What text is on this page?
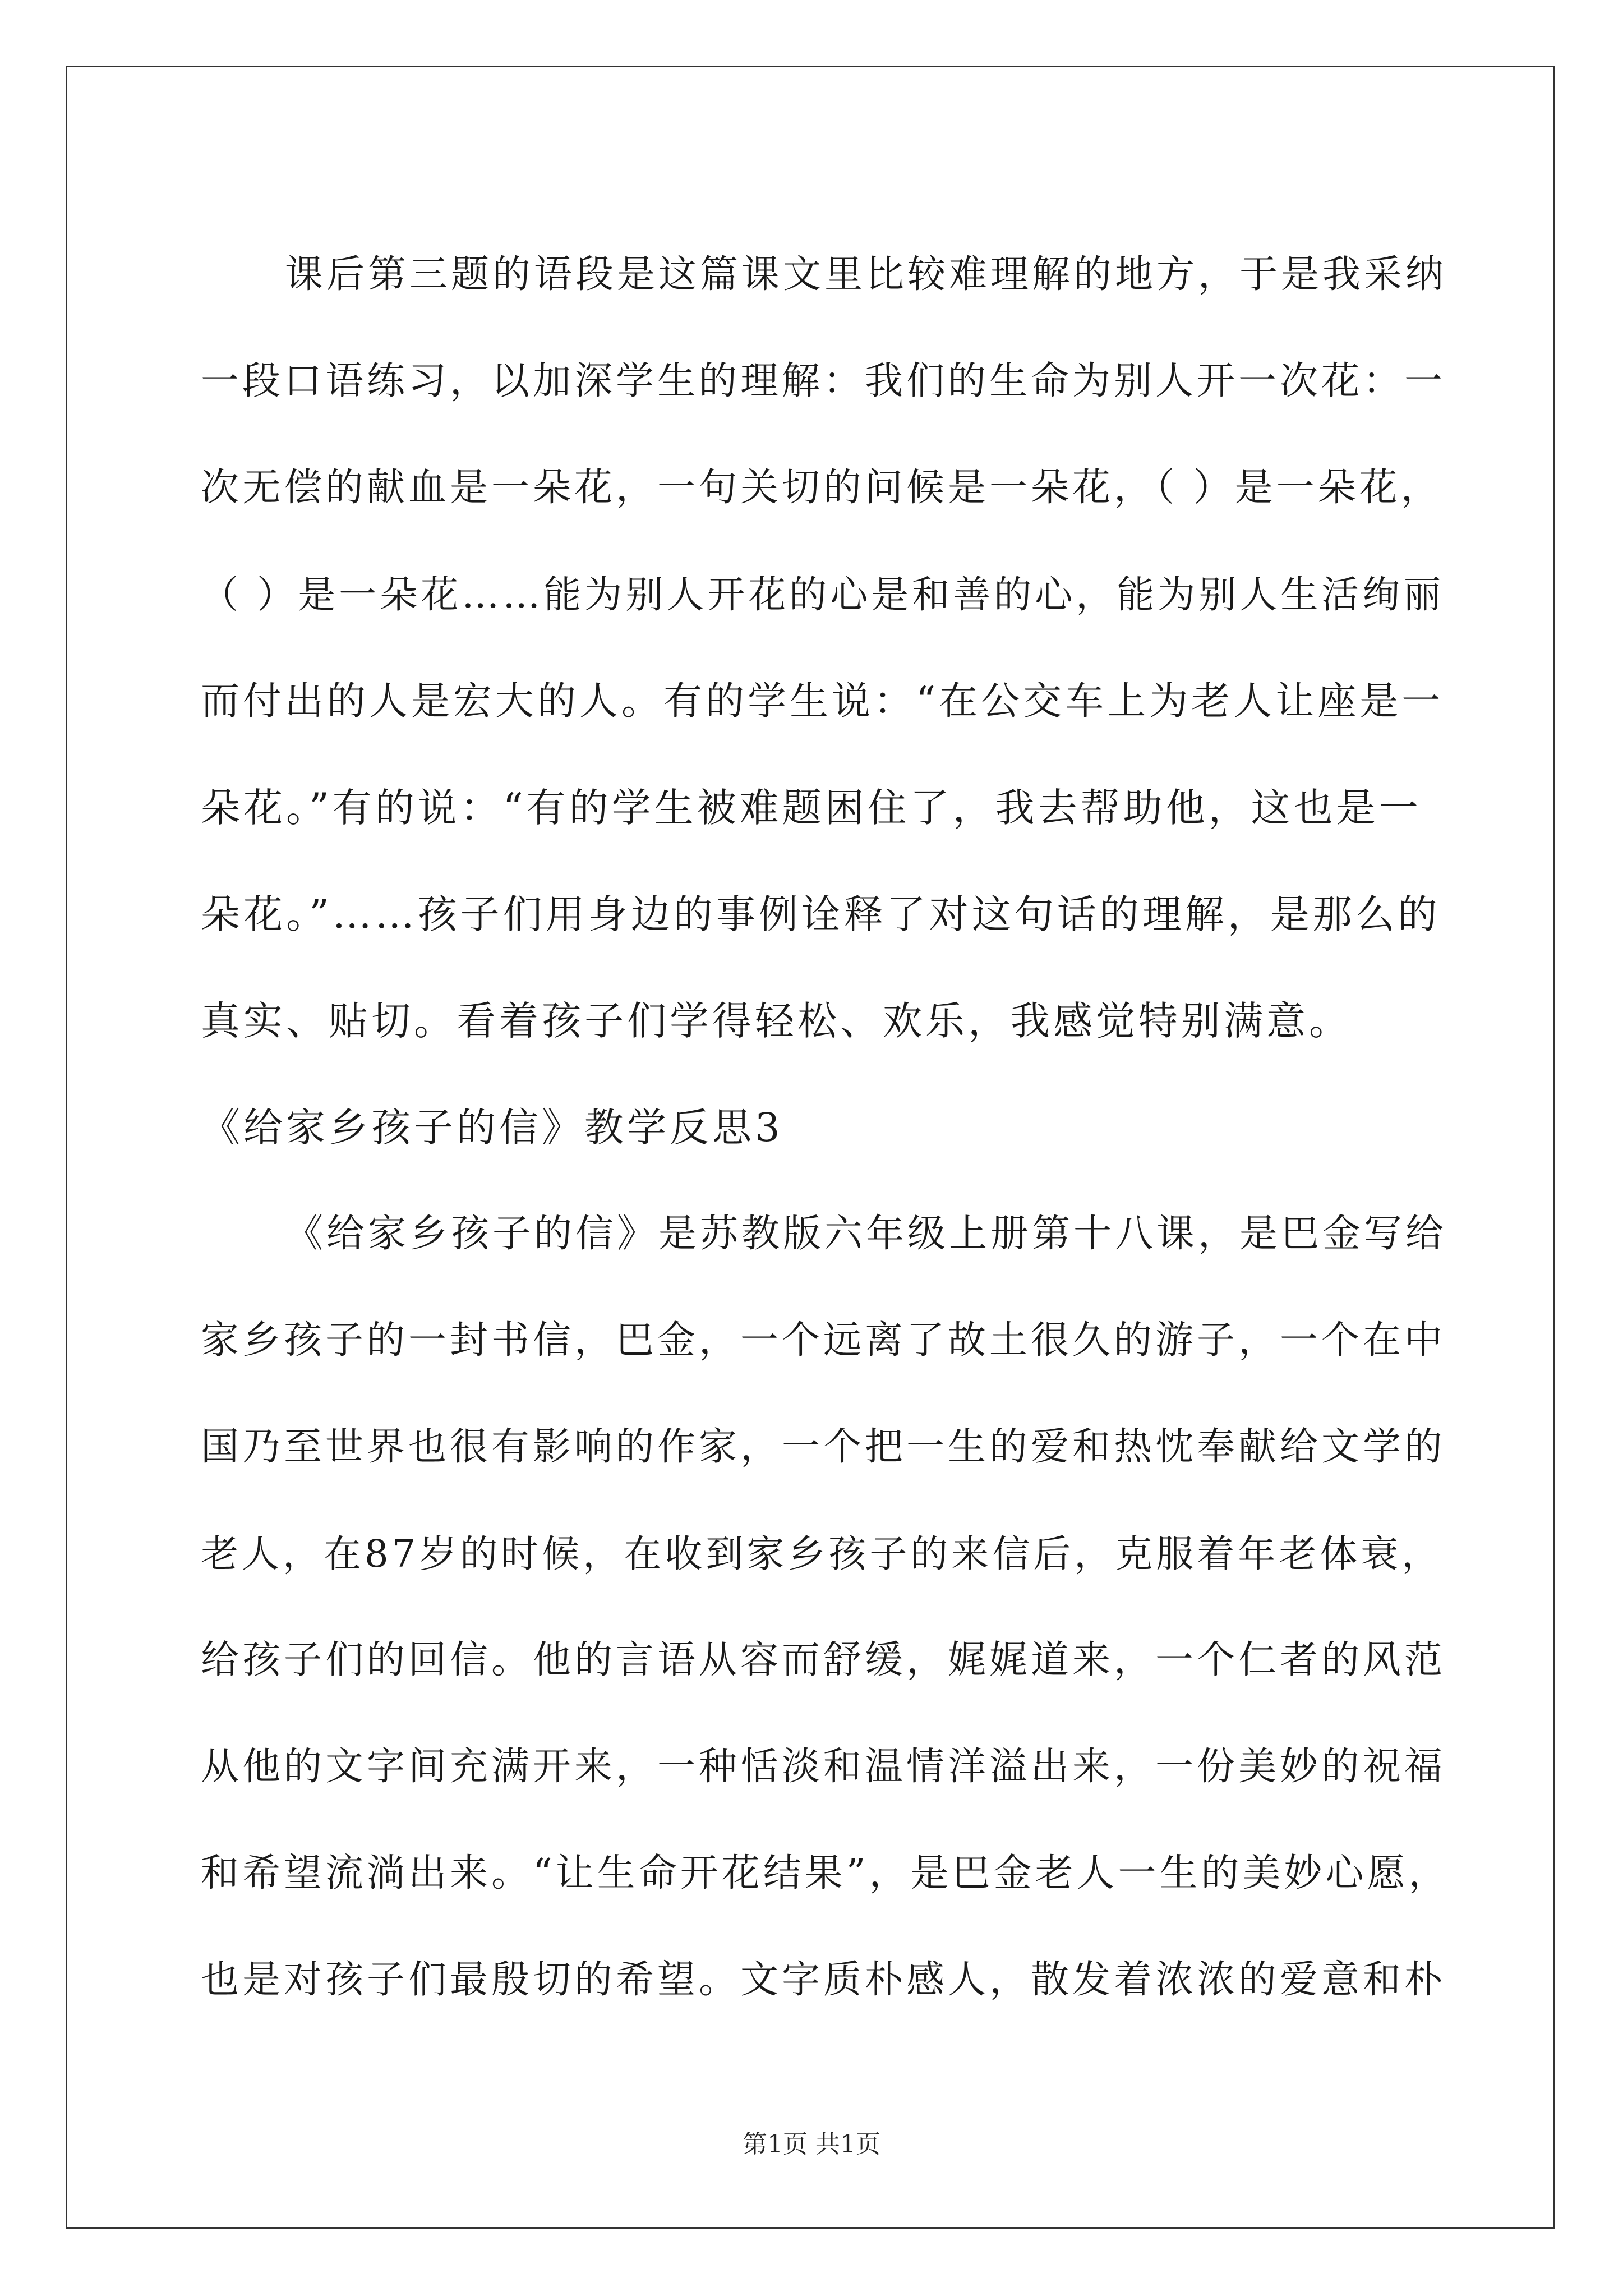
课后第三题的语段是这篇课文里比较难理解的地方，于是我采纳
一段口语练习，以加深学生的理解：我们的生命为别人开一次花：一
次无偿的献血是一朵花，一句关切的问候是一朵花，（ ）是一朵花，
（ ）是一朵花……能为别人开花的心是和善的心，能为别人生活绚丽
而付出的人是宏大的人。有的学生说：“在公交车上为老人让座是一
朵花。”有的说：“有的学生被难题困住了，我去帮助他，这也是一
朵花。”……孩子们用身边的事例诠释了对这句话的理解，是那么的
真实、贴切。看着孩子们学得轻松、欢乐，我感觉特别满意。
《给家乡孩子的信》教学反思3
《给家乡孩子的信》是苏教版六年级上册第十八课，是巴金写给
家乡孩子的一封书信，巴金，一个远离了故土很久的游子，一个在中
国乃至世界也很有影响的作家，一个把一生的爱和热忱奉献给文学的
老人，在87岁的时候，在收到家乡孩子的来信后，克服着年老体衰，
给孩子们的回信。他的言语从容而舒缓，娓娓道来，一个仁者的风范
从他的文字间充满开来，一种恬淡和温情洋溢出来，一份美妙的祝福
和希望流淌出来。“让生命开花结果”，是巴金老人一生的美妙心愿，
也是对孩子们最殷切的希望。文字质朴感人，散发着浓浓的爱意和朴
第1页 共1页
